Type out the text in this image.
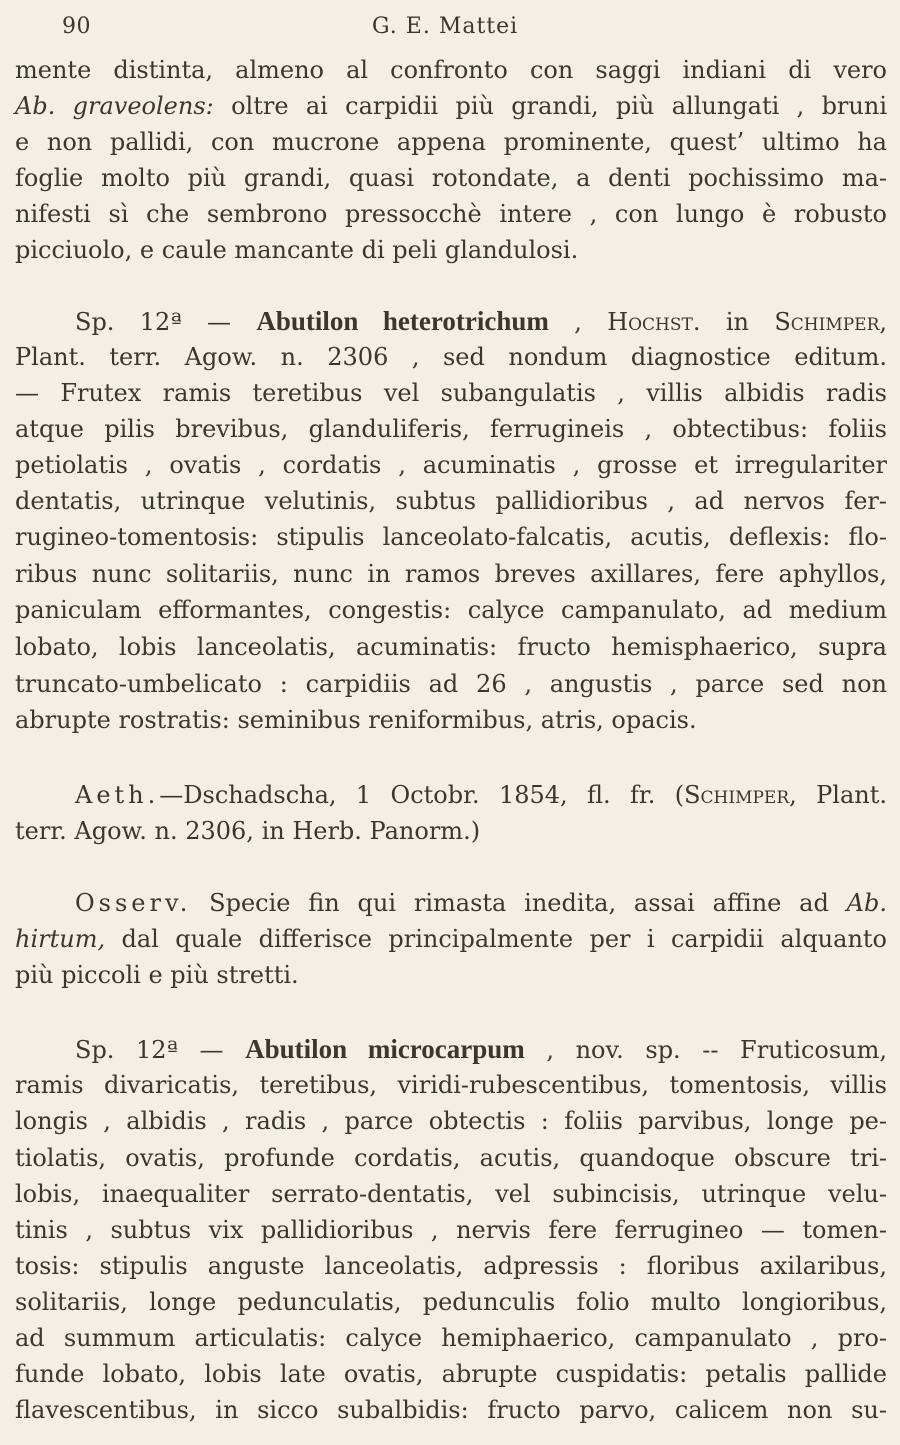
90	G. E. Mattei
mente distinta, almeno al confronto con saggi indiani di vero
Ab. graveolens: oltre ai carpidii più grandi, più allungati , bruni
e non pallidi, con mucrone appena prominente, quest’ ultimo ha
foglie molto più grandi, quasi rotondate, a denti pochissimo ma-
nifesti sì che sembrono pressocchè intere , con lungo è robusto
picciuolo, e caule mancante di peli glandulosi.
Sp. 12ª — Abutilon heterotrichum , Hochst. in Schimper,
Plant. terr. Agow. n. 2306 , sed nondum diagnostice editum.
— Frutex ramis teretibus vel subangulatis , villis albidis radis
atque pilis brevibus, glanduliferis, ferrugineis , obtectibus: foliis
petiolatis , ovatis , cordatis , acuminatis , grosse et irregulariter
dentatis, utrinque velutinis, subtus pallidioribus , ad nervos fer-
rugineo-tomentosis: stipulis lanceolato-falcatis, acutis, deflexis: flo-
ribus nunc solitariis, nunc in ramos breves axillares, fere aphyllos,
paniculam efformantes, congestis: calyce campanulato, ad medium
lobato, lobis lanceolatis, acuminatis: fructo hemisphaerico, supra
truncato-umbelicato : carpidiis ad 26 , angustis , parce sed non
abrupte rostratis: seminibus reniformibus, atris, opacis.
Aeth.—Dschadscha, 1 Octobr. 1854, fl. fr. (Schimper, Plant.
terr. Agow. n. 2306, in Herb. Panorm.)
Osserv. Specie fin qui rimasta inedita, assai affine ad Ab.
hirtum, dal quale differisce principalmente per i carpidii alquanto
più piccoli e più stretti.
Sp. 12ª — Abutilon microcarpum , nov. sp. -- Fruticosum,
ramis divaricatis, teretibus, viridi-rubescentibus, tomentosis, villis
longis , albidis , radis , parce obtectis : foliis parvibus, longe pe-
tiolatis, ovatis, profunde cordatis, acutis, quandoque obscure tri-
lobis, inaequaliter serrato-dentatis, vel subincisis, utrinque velu-
tinis , subtus vix pallidioribus , nervis fere ferrugineo — tomen-
tosis: stipulis anguste lanceolatis, adpressis : floribus axilaribus,
solitariis, longe pedunculatis, pedunculis folio multo longioribus,
ad summum articulatis: calyce hemiphaerico, campanulato , pro-
funde lobato, lobis late ovatis, abrupte cuspidatis: petalis pallide
flavescentibus, in sicco subalbidis: fructo parvo, calicem non su-
